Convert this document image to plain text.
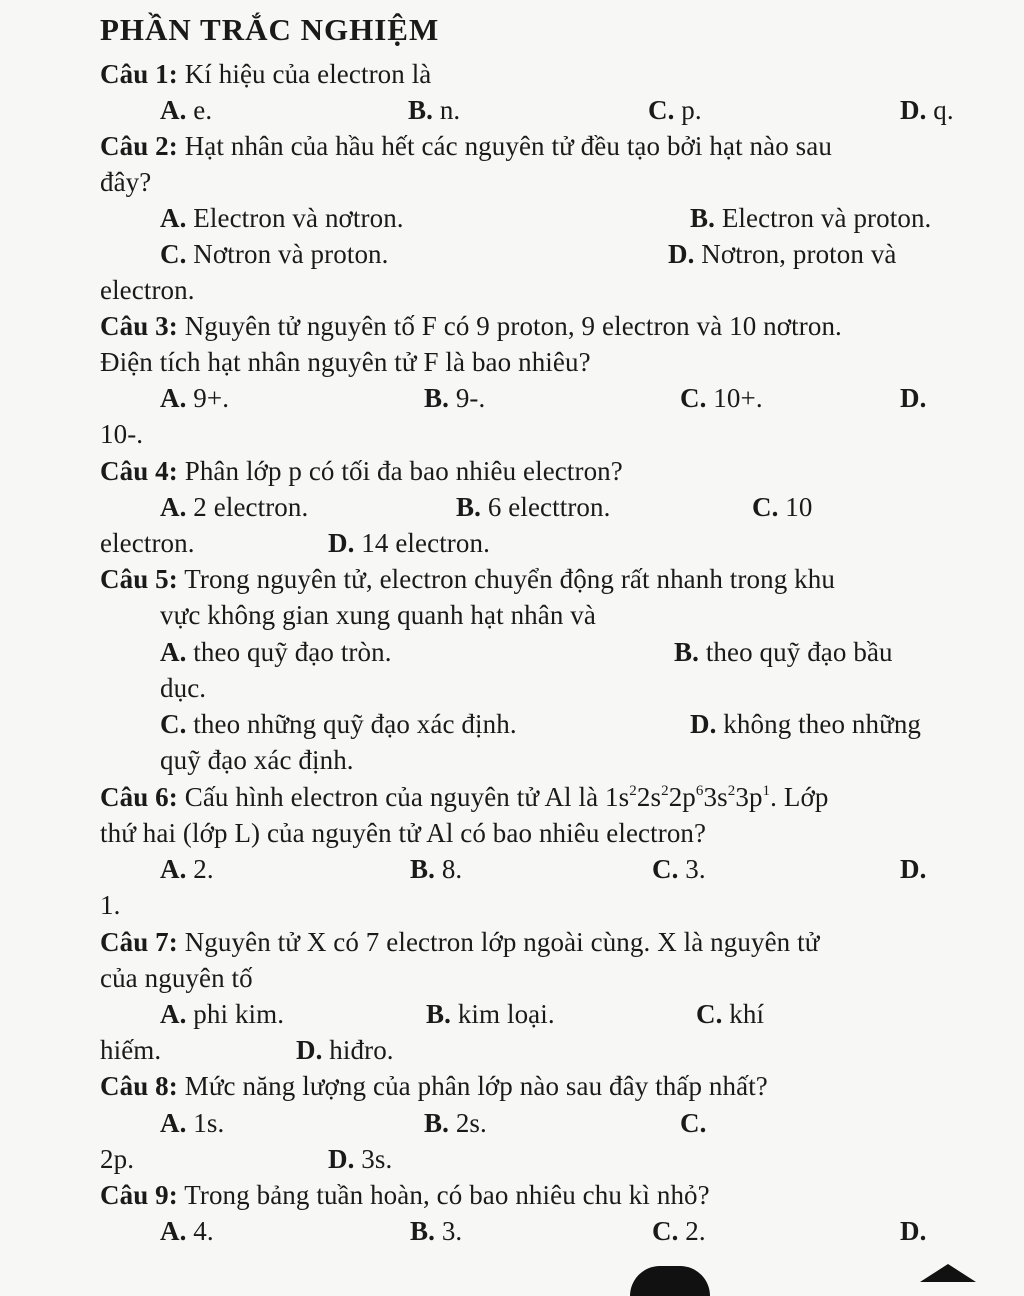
PHẦN TRẮC NGHIỆM
Câu 1: Kí hiệu của electron là
A. e.	B. n.	C. p.	D. q.
Câu 2: Hạt nhân của hầu hết các nguyên tử đều tạo bởi hạt nào sau
đây?
A. Electron và nơtron.	B. Electron và proton.
C. Nơtron và proton.	D. Nơtron, proton và
electron.
Câu 3: Nguyên tử nguyên tố F có 9 proton, 9 electron và 10 nơtron.
Điện tích hạt nhân nguyên tử F là bao nhiêu?
A. 9+.	B. 9-.	C. 10+.	D.
10-.
Câu 4: Phân lớp p có tối đa bao nhiêu electron?
A. 2 electron.	B. 6 electtron.	C. 10
electron.	D. 14 electron.
Câu 5: Trong nguyên tử, electron chuyển động rất nhanh trong khu
vực không gian xung quanh hạt nhân và
A. theo quỹ đạo tròn.	B. theo quỹ đạo bầu
dục.
C. theo những quỹ đạo xác định.	D. không theo những
quỹ đạo xác định.
Câu 6: Cấu hình electron của nguyên tử Al là $1s^22s^22p^63s^23p^1$. Lớp
thứ hai (lớp L) của nguyên tử Al có bao nhiêu electron?
A. 2.	B. 8.	C. 3.	D.
1.
Câu 7: Nguyên tử X có 7 electron lớp ngoài cùng. X là nguyên tử
của nguyên tố
A. phi kim.	B. kim loại.	C. khí
hiếm.	D. hiđro.
Câu 8: Mức năng lượng của phân lớp nào sau đây thấp nhất?
A. 1s.	B. 2s.	C.
2p.	D. 3s.
Câu 9: Trong bảng tuần hoàn, có bao nhiêu chu kì nhỏ?
A. 4.	B. 3.	C. 2.	D.
